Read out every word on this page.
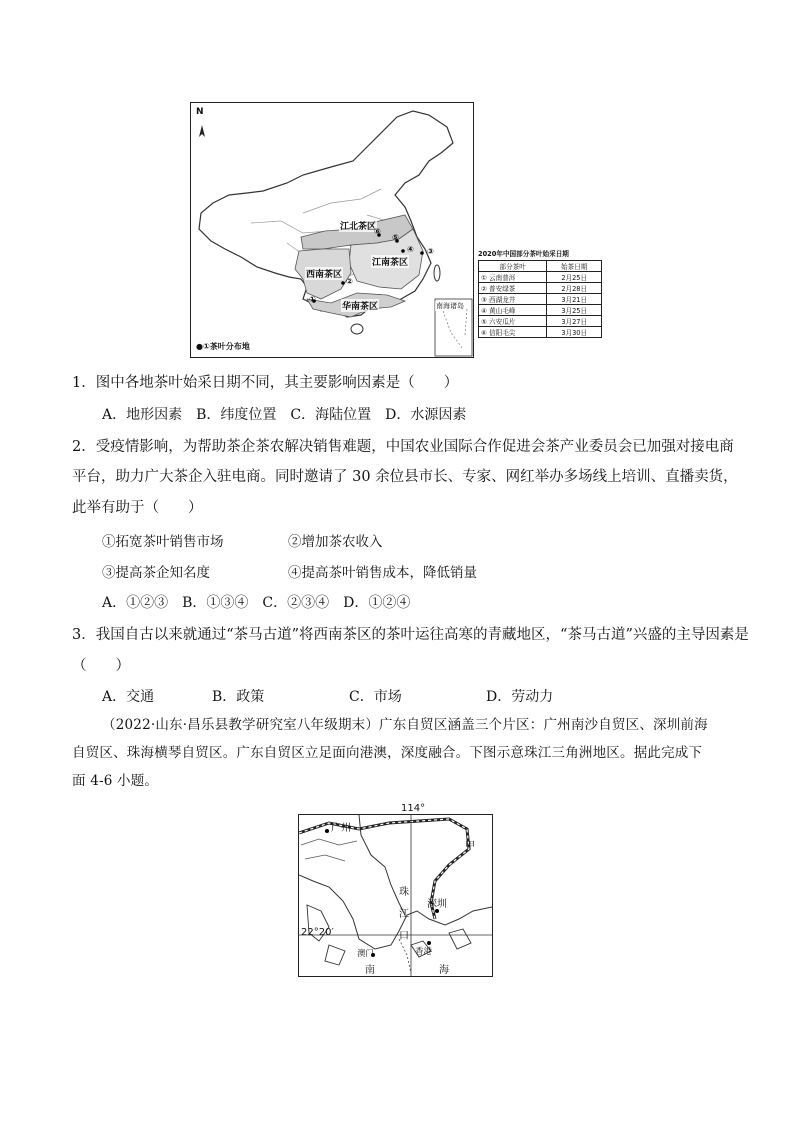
N
江北茶区
江南茶区
西南茶区
华南茶区	南海诸岛
①
②
③
④
⑤
⑥
●①茶叶分布地
2020年中国部分茶叶始采日期
部分茶叶	始茶日期
① 云南普洱	2月25日
② 普安绿茶	2月28日
③ 西湖龙井	3月21日
④ 黄山毛峰	3月25日
⑤ 六安瓜片	3月27日
⑥ 信阳毛尖	3月30日
1．图中各地茶叶始采日期不同，其主要影响因素是（　　）
A．地形因素　B．纬度位置　C．海陆位置　D．水源因素
2．受疫情影响，为帮助茶企茶农解决销售难题，中国农业国际合作促进会茶产业委员会已加强对接电商
平台，助力广大茶企入驻电商。同时邀请了 30 余位县市长、专家、网红举办多场线上培训、直播卖货，
此举有助于（　　）
①拓宽茶叶销售市场	②增加茶农收入
③提高茶企知名度	④提高茶叶销售成本，降低销量
A．①②③　B．①③④　C．②③④　D．①②④
3．我国自古以来就通过“茶马古道”将西南茶区的茶叶运往高寒的青藏地区，“茶马古道”兴盛的主导因素是
（　　）
A．交通	B．政策	C．市场	D．劳动力
（2022·山东·昌乐县教学研究室八年级期末）广东自贸区涵盖三个片区：广州南沙自贸区、深圳前海
自贸区、珠海横琴自贸区。广东自贸区立足面向港澳，深度融合。下图示意珠江三角洲地区。据此完成下
面 4-6 小题。
广州
114°
甲
珠
江
口
深圳
22°20′
澳门	香港
南	海
